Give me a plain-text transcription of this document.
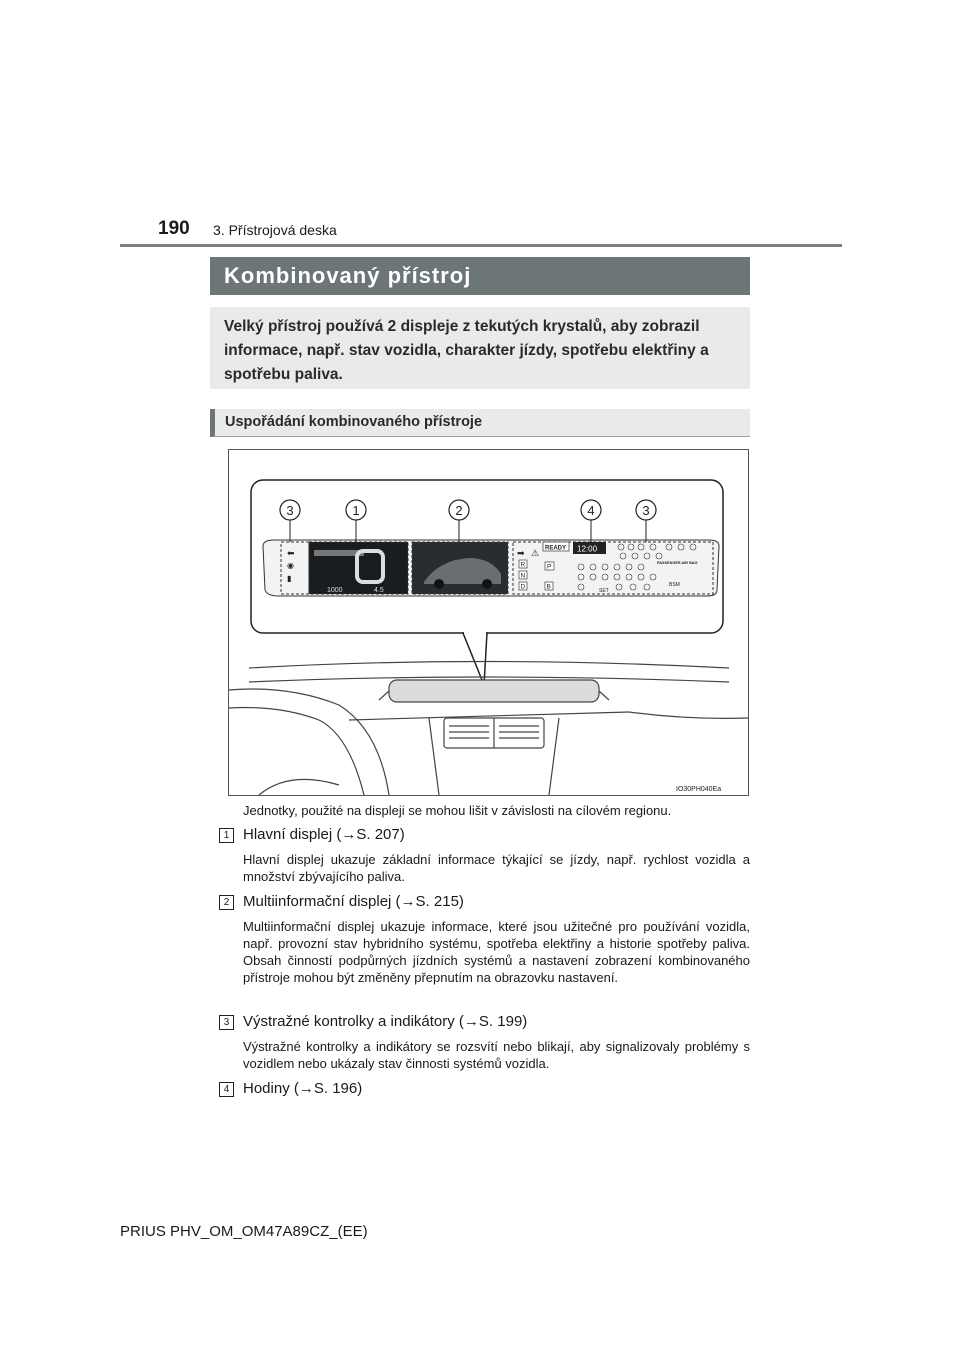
190 3. Přístrojová deska
Kombinovaný přístroj
Velký přístroj používá 2 displeje z tekutých krystalů, aby zobrazil informace, např. stav vozidla, charakter jízdy, spotřebu elektřiny a spotřebu paliva.
Uspořádání kombinovaného přístroje
⬅
◉
▮
1000	4.5
READY 12:00
➡ ⚠
R
N
D	B
P
PASSENGER AIR BAG
SET
BSM
3	1	2	4	3
IO30PH040Ea
Jednotky, použité na displeji se mohou lišit v závislosti na cílovém regionu.
1 Hlavní displej (→S. 207)
Hlavní displej ukazuje základní informace týkající se jízdy, např. rychlost vozidla a množství zbývajícího paliva.
2 Multiinformační displej (→S. 215)
Multiinformační displej ukazuje informace, které jsou užitečné pro používání vozidla, např. provozní stav hybridního systému, spotřeba elektřiny a historie spotřeby paliva. Obsah činností podpůrných jízdních systémů a nastavení zobrazení kombinovaného přístroje mohou být změněny přepnutím na obrazovku nastavení.
3 Výstražné kontrolky a indikátory (→S. 199)
Výstražné kontrolky a indikátory se rozsvítí nebo blikají, aby signalizovaly problémy s vozidlem nebo ukázaly stav činnosti systémů vozidla.
4 Hodiny (→S. 196)
PRIUS PHV_OM_OM47A89CZ_(EE)
